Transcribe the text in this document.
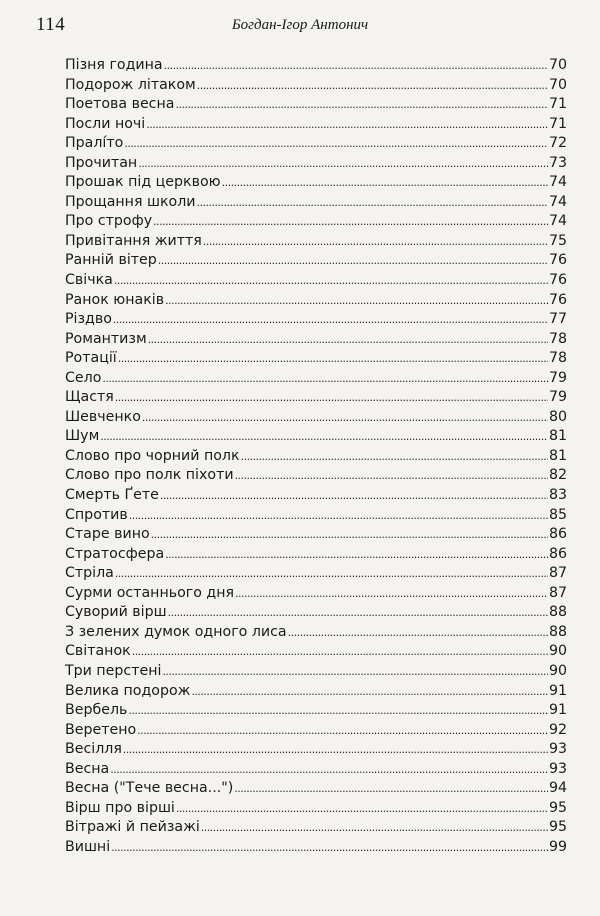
114	Богдан-Ігор Антонич
Пізня година .....	70
Подорож літаком .....	70
Поетова весна .....	71
Посли ночі .....	71
Пралíто .....	72
Прочитан .....	73
Прошак під церквою .....	74
Прощання школи .....	74
Про строфу .....	74
Привітання життя .....	75
Ранній вітер .....	76
Свічка .....	76
Ранок юнаків .....	76
Різдво .....	77
Романтизм .....	78
Ротації .....	78
Село .....	79
Щастя .....	79
Шевченко .....	80
Шум .....	81
Слово про чорний полк .....	81
Слово про полк піхоти .....	82
Смерть Ґете .....	83
Спротив .....	85
Старе вино .....	86
Стратосфера .....	86
Стріла .....	87
Сурми останнього дня .....	87
Суворий вірш .....	88
З зелених думок одного лиса .....	88
Світанок .....	90
Три перстені .....	90
Велика подорож .....	91
Вербель .....	91
Веретено .....	92
Весілля .....	93
Весна .....	93
Весна ("Тече весна...") .....	94
Вірш про вірші .....	95
Вітражі й пейзажі .....	95
Вишні .....	99
